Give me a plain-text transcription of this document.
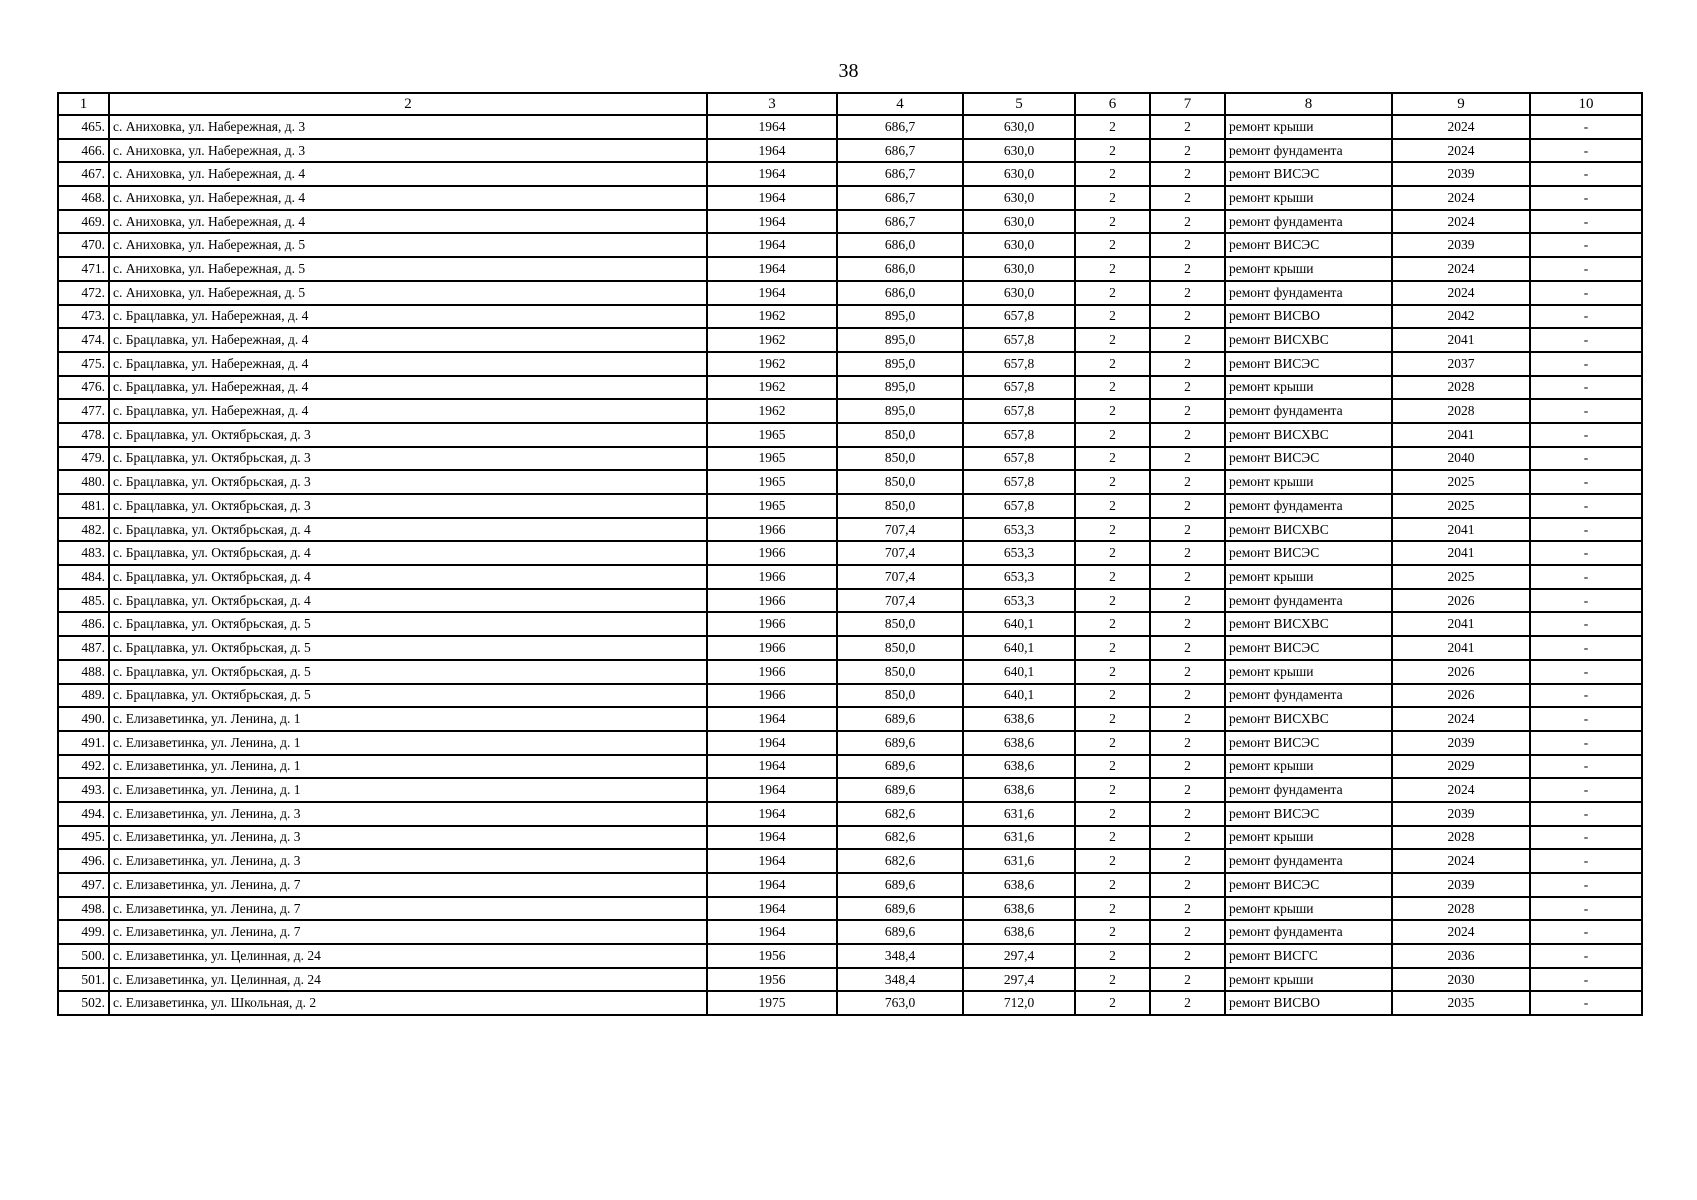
38
1	2	3	4	5	6	7	8	9	10
465.	с. Аниховка, ул. Набережная, д. 3	1964	686,7	630,0	2	2	ремонт крыши	2024	-
466.	с. Аниховка, ул. Набережная, д. 3	1964	686,7	630,0	2	2	ремонт фундамента	2024	-
467.	с. Аниховка, ул. Набережная, д. 4	1964	686,7	630,0	2	2	ремонт ВИСЭС	2039	-
468.	с. Аниховка, ул. Набережная, д. 4	1964	686,7	630,0	2	2	ремонт крыши	2024	-
469.	с. Аниховка, ул. Набережная, д. 4	1964	686,7	630,0	2	2	ремонт фундамента	2024	-
470.	с. Аниховка, ул. Набережная, д. 5	1964	686,0	630,0	2	2	ремонт ВИСЭС	2039	-
471.	с. Аниховка, ул. Набережная, д. 5	1964	686,0	630,0	2	2	ремонт крыши	2024	-
472.	с. Аниховка, ул. Набережная, д. 5	1964	686,0	630,0	2	2	ремонт фундамента	2024	-
473.	с. Брацлавка, ул. Набережная, д. 4	1962	895,0	657,8	2	2	ремонт ВИСВО	2042	-
474.	с. Брацлавка, ул. Набережная, д. 4	1962	895,0	657,8	2	2	ремонт ВИСХВС	2041	-
475.	с. Брацлавка, ул. Набережная, д. 4	1962	895,0	657,8	2	2	ремонт ВИСЭС	2037	-
476.	с. Брацлавка, ул. Набережная, д. 4	1962	895,0	657,8	2	2	ремонт крыши	2028	-
477.	с. Брацлавка, ул. Набережная, д. 4	1962	895,0	657,8	2	2	ремонт фундамента	2028	-
478.	с. Брацлавка, ул. Октябрьская, д. 3	1965	850,0	657,8	2	2	ремонт ВИСХВС	2041	-
479.	с. Брацлавка, ул. Октябрьская, д. 3	1965	850,0	657,8	2	2	ремонт ВИСЭС	2040	-
480.	с. Брацлавка, ул. Октябрьская, д. 3	1965	850,0	657,8	2	2	ремонт крыши	2025	-
481.	с. Брацлавка, ул. Октябрьская, д. 3	1965	850,0	657,8	2	2	ремонт фундамента	2025	-
482.	с. Брацлавка, ул. Октябрьская, д. 4	1966	707,4	653,3	2	2	ремонт ВИСХВС	2041	-
483.	с. Брацлавка, ул. Октябрьская, д. 4	1966	707,4	653,3	2	2	ремонт ВИСЭС	2041	-
484.	с. Брацлавка, ул. Октябрьская, д. 4	1966	707,4	653,3	2	2	ремонт крыши	2025	-
485.	с. Брацлавка, ул. Октябрьская, д. 4	1966	707,4	653,3	2	2	ремонт фундамента	2026	-
486.	с. Брацлавка, ул. Октябрьская, д. 5	1966	850,0	640,1	2	2	ремонт ВИСХВС	2041	-
487.	с. Брацлавка, ул. Октябрьская, д. 5	1966	850,0	640,1	2	2	ремонт ВИСЭС	2041	-
488.	с. Брацлавка, ул. Октябрьская, д. 5	1966	850,0	640,1	2	2	ремонт крыши	2026	-
489.	с. Брацлавка, ул. Октябрьская, д. 5	1966	850,0	640,1	2	2	ремонт фундамента	2026	-
490.	с. Елизаветинка, ул. Ленина, д. 1	1964	689,6	638,6	2	2	ремонт ВИСХВС	2024	-
491.	с. Елизаветинка, ул. Ленина, д. 1	1964	689,6	638,6	2	2	ремонт ВИСЭС	2039	-
492.	с. Елизаветинка, ул. Ленина, д. 1	1964	689,6	638,6	2	2	ремонт крыши	2029	-
493.	с. Елизаветинка, ул. Ленина, д. 1	1964	689,6	638,6	2	2	ремонт фундамента	2024	-
494.	с. Елизаветинка, ул. Ленина, д. 3	1964	682,6	631,6	2	2	ремонт ВИСЭС	2039	-
495.	с. Елизаветинка, ул. Ленина, д. 3	1964	682,6	631,6	2	2	ремонт крыши	2028	-
496.	с. Елизаветинка, ул. Ленина, д. 3	1964	682,6	631,6	2	2	ремонт фундамента	2024	-
497.	с. Елизаветинка, ул. Ленина, д. 7	1964	689,6	638,6	2	2	ремонт ВИСЭС	2039	-
498.	с. Елизаветинка, ул. Ленина, д. 7	1964	689,6	638,6	2	2	ремонт крыши	2028	-
499.	с. Елизаветинка, ул. Ленина, д. 7	1964	689,6	638,6	2	2	ремонт фундамента	2024	-
500.	с. Елизаветинка, ул. Целинная, д. 24	1956	348,4	297,4	2	2	ремонт ВИСГС	2036	-
501.	с. Елизаветинка, ул. Целинная, д. 24	1956	348,4	297,4	2	2	ремонт крыши	2030	-
502.	с. Елизаветинка, ул. Школьная, д. 2	1975	763,0	712,0	2	2	ремонт ВИСВО	2035	-
